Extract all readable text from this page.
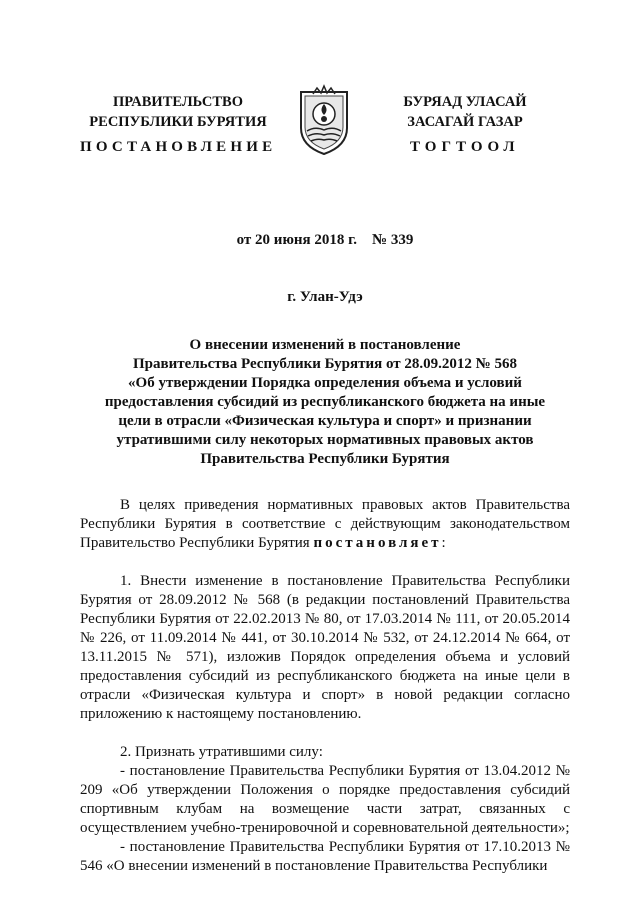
ПРАВИТЕЛЬСТВО
РЕСПУБЛИКИ БУРЯТИЯ
БУРЯАД УЛАСАЙ
ЗАСАГАЙ ГАЗАР
ПОСТАНОВЛЕНИЕ	ТОГТООЛ
от 20 июня 2018 г.    № 339
г. Улан-Удэ
О внесении изменений в постановление
Правительства Республики Бурятия от 28.09.2012 № 568
«Об утверждении Порядка определения объема и условий
предоставления субсидий из республиканского бюджета на иные
цели в отрасли «Физическая культура и спорт» и признании
утратившими силу некоторых нормативных правовых актов
Правительства Республики Бурятия

В целях приведения нормативных правовых актов Правительства Республики Бурятия в соответствие с действующим законодательством Правительство Республики Бурятия постановляет:

1. Внести изменение в постановление Правительства Республики Бурятия от 28.09.2012 № 568 (в редакции постановлений Правительства Республики Бурятия от 22.02.2013 № 80, от 17.03.2014 № 111, от 20.05.2014 № 226, от 11.09.2014 № 441, от 30.10.2014 № 532, от 24.12.2014 № 664, от 13.11.2015 № 571), изложив Порядок определения объема и условий предоставления субсидий из республиканского бюджета на иные цели в отрасли «Физическая культура и спорт» в новой редакции согласно приложению к настоящему постановлению.

2. Признать утратившими силу:

- постановление Правительства Республики Бурятия от 13.04.2012 № 209 «Об утверждении Положения о порядке предоставления субсидий спортивным клубам на возмещение части затрат, связанных с осуществлением учебно-тренировочной и соревновательной деятельности»;

- постановление Правительства Республики Бурятия от 17.10.2013 № 546 «О внесении изменений в постановление Правительства Республики
